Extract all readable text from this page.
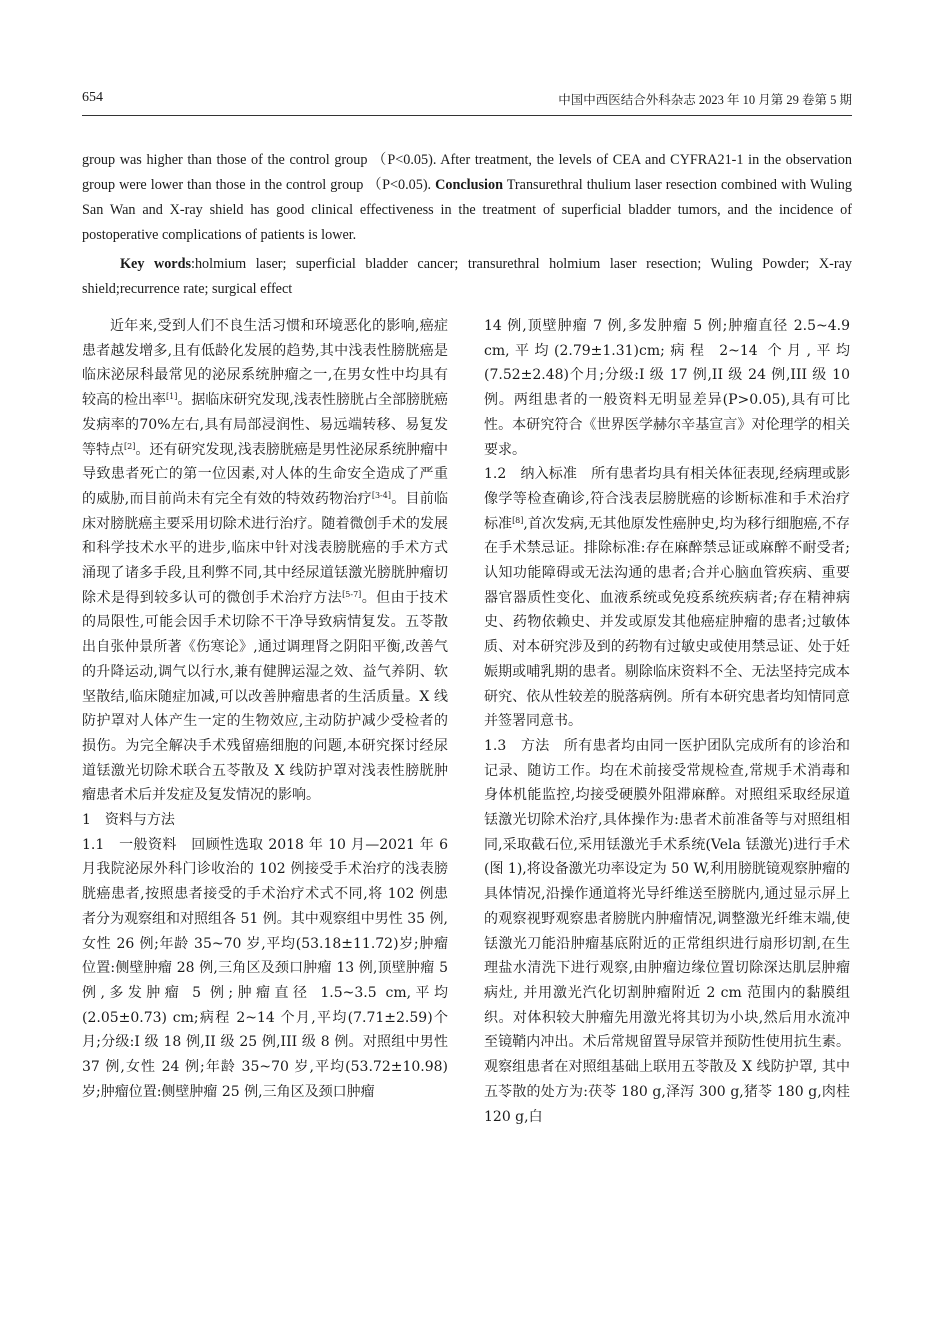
654	中国中西医结合外科杂志 2023 年 10 月第 29 卷第 5 期

group was higher than those of the control group （P<0.05). After treatment, the levels of CEA and CYFRA21-1 in the observation group were lower than those in the control group （P<0.05). Conclusion Transurethral thulium laser resection combined with Wuling San Wan and X-ray shield has good clinical effectiveness in the treatment of superficial bladder tumors, and the incidence of postoperative complications of patients is lower.

Key words:holmium laser; superficial bladder cancer; transurethral holmium laser resection; Wuling Powder; X-ray shield;recurrence rate; surgical effect

近年来,受到人们不良生活习惯和环境恶化的影响,癌症患者越发增多,且有低龄化发展的趋势,其中浅表性膀胱癌是临床泌尿科最常见的泌尿系统肿瘤之一,在男女性中均具有较高的检出率[1]。据临床研究发现,浅表性膀胱占全部膀胱癌发病率的70%左右,具有局部浸润性、易远端转移、易复发等特点[2]。还有研究发现,浅表膀胱癌是男性泌尿系统肿瘤中导致患者死亡的第一位因素,对人体的生命安全造成了严重的威胁,而目前尚未有完全有效的特效药物治疗[3-4]。目前临床对膀胱癌主要采用切除术进行治疗。随着微创手术的发展和科学技术水平的进步,临床中针对浅表膀胱癌的手术方式涌现了诸多手段,且利弊不同,其中经尿道铥激光膀胱肿瘤切除术是得到较多认可的微创手术治疗方法[5-7]。但由于技术的局限性,可能会因手术切除不干净导致病情复发。五苓散出自张仲景所著《伤寒论》,通过调理肾之阴阳平衡,改善气的升降运动,调气以行水,兼有健脾运湿之效、益气养阴、软坚散结,临床随症加减,可以改善肿瘤患者的生活质量。X 线防护罩对人体产生一定的生物效应,主动防护减少受检者的损伤。为完全解决手术残留癌细胞的问题,本研究探讨经尿道铥激光切除术联合五苓散及 X 线防护罩对浅表性膀胱肿瘤患者术后并发症及复发情况的影响。

1　资料与方法

1.1　一般资料　回顾性选取 2018 年 10 月—2021 年 6 月我院泌尿外科门诊收治的 102 例接受手术治疗的浅表膀胱癌患者,按照患者接受的手术治疗术式不同,将 102 例患者分为观察组和对照组各 51 例。其中观察组中男性 35 例,女性 26 例;年龄 35~70 岁,平均(53.18±11.72)岁;肿瘤位置:侧壁肿瘤 28 例,三角区及颈口肿瘤 13 例,顶壁肿瘤 5 例,多发肿瘤 5 例;肿瘤直径 1.5~3.5 cm,平均(2.05±0.73) cm;病程 2~14 个月,平均(7.71±2.59)个月;分级:I 级 18 例,II 级 25 例,III 级 8 例。对照组中男性 37 例,女性 24 例;年龄 35~70 岁,平均(53.72±10.98)岁;肿瘤位置:侧壁肿瘤 25 例,三角区及颈口肿瘤

14 例,顶壁肿瘤 7 例,多发肿瘤 5 例;肿瘤直径 2.5~4.9 cm,平均(2.79±1.31)cm;病程 2~14 个月,平均(7.52±2.48)个月;分级:I 级 17 例,II 级 24 例,III 级 10 例。两组患者的一般资料无明显差异(P>0.05),具有可比性。本研究符合《世界医学赫尔辛基宣言》对伦理学的相关要求。

1.2　纳入标准　所有患者均具有相关体征表现,经病理或影像学等检查确诊,符合浅表层膀胱癌的诊断标准和手术治疗标准[8],首次发病,无其他原发性癌肿史,均为移行细胞癌,不存在手术禁忌证。排除标准:存在麻醉禁忌证或麻醉不耐受者;认知功能障碍或无法沟通的患者;合并心脑血管疾病、重要器官器质性变化、血液系统或免疫系统疾病者;存在精神病史、药物依赖史、并发或原发其他癌症肿瘤的患者;过敏体质、对本研究涉及到的药物有过敏史或使用禁忌证、处于妊娠期或哺乳期的患者。剔除临床资料不全、无法坚持完成本研究、依从性较差的脱落病例。所有本研究患者均知情同意并签署同意书。

1.3　方法　所有患者均由同一医护团队完成所有的诊治和记录、随访工作。均在术前接受常规检查,常规手术消毒和身体机能监控,均接受硬膜外阻滞麻醉。对照组采取经尿道铥激光切除术治疗,具体操作为:患者术前准备等与对照组相同,采取截石位,采用铥激光手术系统(Vela 铥激光)进行手术(图 1),将设备激光功率设定为 50 W,利用膀胱镜观察肿瘤的具体情况,沿操作通道将光导纤维送至膀胱内,通过显示屏上的观察视野观察患者膀胱内肿瘤情况,调整激光纤维末端,使铥激光刀能沿肿瘤基底附近的正常组织进行扇形切割,在生理盐水清洗下进行观察,由肿瘤边缘位置切除深达肌层肿瘤病灶, 并用激光汽化切割肿瘤附近 2 cm 范围内的黏膜组织。对体积较大肿瘤先用激光将其切为小块,然后用水流冲至镜鞘内冲出。术后常规留置导尿管并预防性使用抗生素。观察组患者在对照组基础上联用五苓散及 X 线防护罩, 其中五苓散的处方为:茯苓 180 g,泽泻 300 g,猪苓 180 g,肉桂 120 g,白
